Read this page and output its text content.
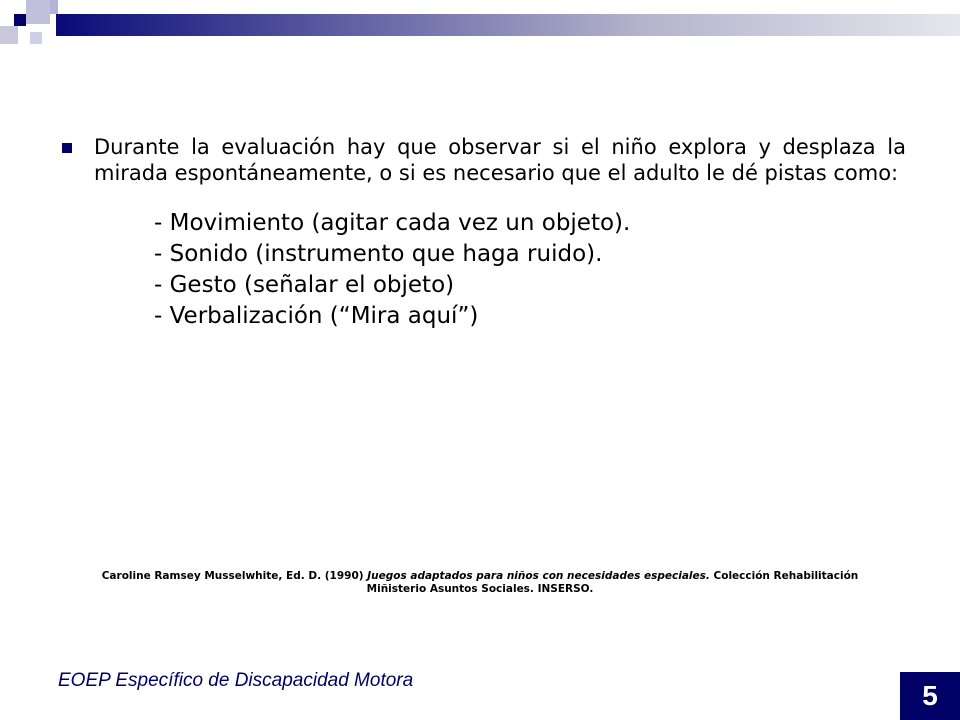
Durante la evaluación hay que observar si el niño explora y desplaza la mirada espontáneamente, o si es necesario que el adulto le dé pistas como:
- Movimiento (agitar cada vez un objeto).
- Sonido (instrumento que haga ruido).
- Gesto (señalar el objeto)
- Verbalización (“Mira aquí”)
Caroline Ramsey Musselwhite, Ed. D. (1990) Juegos adaptados para niños con necesidades especiales. Colección Rehabilitación
Miñisterio Asuntos Sociales. INSERSO.
EOEP Específico de Discapacidad Motora	5
